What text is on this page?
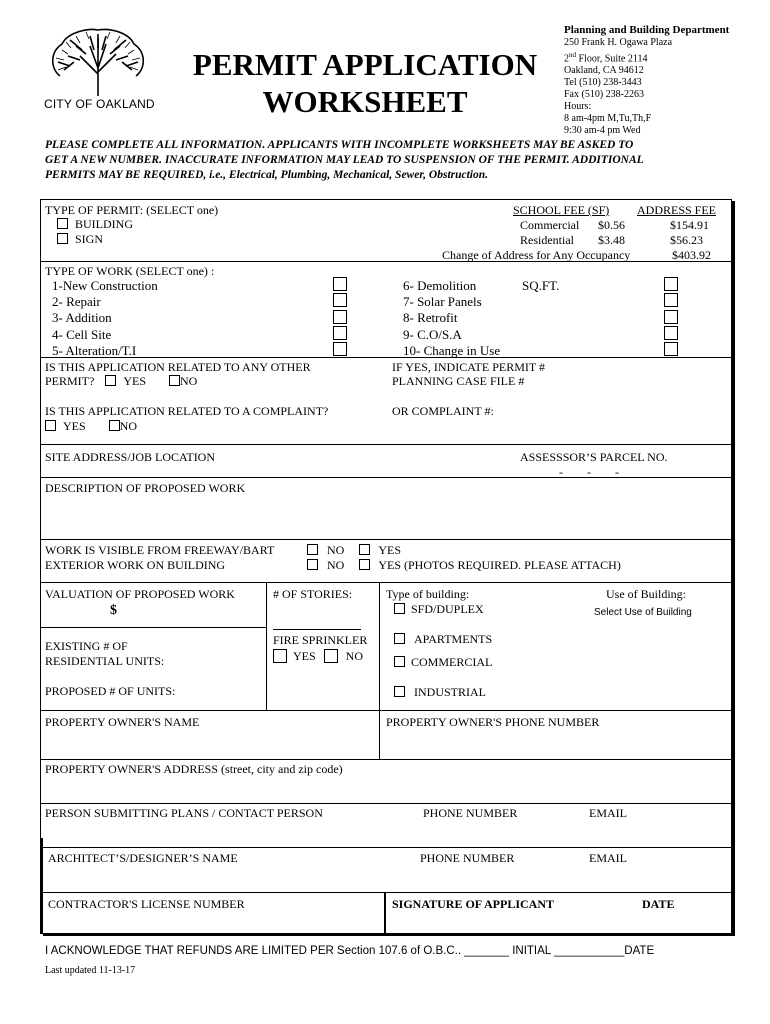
CITY OF OAKLAND
PERMIT APPLICATION
WORKSHEET
Planning and Building Department
250 Frank H. Ogawa Plaza
2nd Floor, Suite 2114
Oakland, CA 94612
Tel (510) 238-3443
Fax (510) 238-2263
Hours:
8 am-4pm M,Tu,Th,F
9:30 am-4 pm Wed
PLEASE COMPLETE ALL INFORMATION. APPLICANTS WITH INCOMPLETE WORKSHEETS MAY BE ASKED TO
GET A NEW NUMBER. INACCURATE INFORMATION MAY LEAD TO SUSPENSION OF THE PERMIT. ADDITIONAL
PERMITS MAY BE REQUIRED, i.e., Electrical, Plumbing, Mechanical, Sewer, Obstruction.
TYPE OF PERMIT: (SELECT one)
BUILDING
SIGN
SCHOOL FEE (SF) ADDRESS FEE
Commercial $0.56	$154.91
Residential $3.48	$56.23
Change of Address for Any Occupancy	$403.92
TYPE OF WORK (SELECT one) :
1-New Construction
2- Repair
3- Addition
4- Cell Site
5- Alteration/T.I
6- Demolition
7- Solar Panels
8- Retrofit
9- C.O/S.A
10- Change in Use
SQ.FT.
IS THIS APPLICATION RELATED TO ANY OTHER
PERMIT? YES	NO
IF YES, INDICATE PERMIT #
PLANNING CASE FILE #
IS THIS APPLICATION RELATED TO A COMPLAINT?
YES	NO
OR COMPLAINT #:
SITE ADDRESS/JOB LOCATION	ASSESSSOR’S PARCEL NO.
-        -        -
DESCRIPTION OF PROPOSED WORK
WORK IS VISIBLE FROM FREEWAY/BART
EXTERIOR WORK ON BUILDING
NO	YES
NO	YES (PHOTOS REQUIRED. PLEASE ATTACH)
VALUATION OF PROPOSED WORK
$
# OF STORIES:	Type of building:	Use of Building:
Select Use of Building
SFD/DUPLEX
APARTMENTS
COMMERCIAL
INDUSTRIAL
EXISTING # OF
RESIDENTIAL UNITS:
FIRE SPRINKLER
YES	NO
PROPOSED # OF UNITS:
PROPERTY OWNER'S NAME	PROPERTY OWNER'S PHONE NUMBER
PROPERTY OWNER'S ADDRESS (street, city and zip code)
PERSON SUBMITTING PLANS / CONTACT PERSON	PHONE NUMBER	EMAIL
ARCHITECT’S/DESIGNER’S NAME	PHONE NUMBER	EMAIL
CONTRACTOR'S LICENSE NUMBER	SIGNATURE OF APPLICANT	DATE
I ACKNOWLEDGE THAT REFUNDS ARE LIMITED PER Section 107.6 of O.B.C.. _______ INITIAL ___________DATE
Last updated 11-13-17
